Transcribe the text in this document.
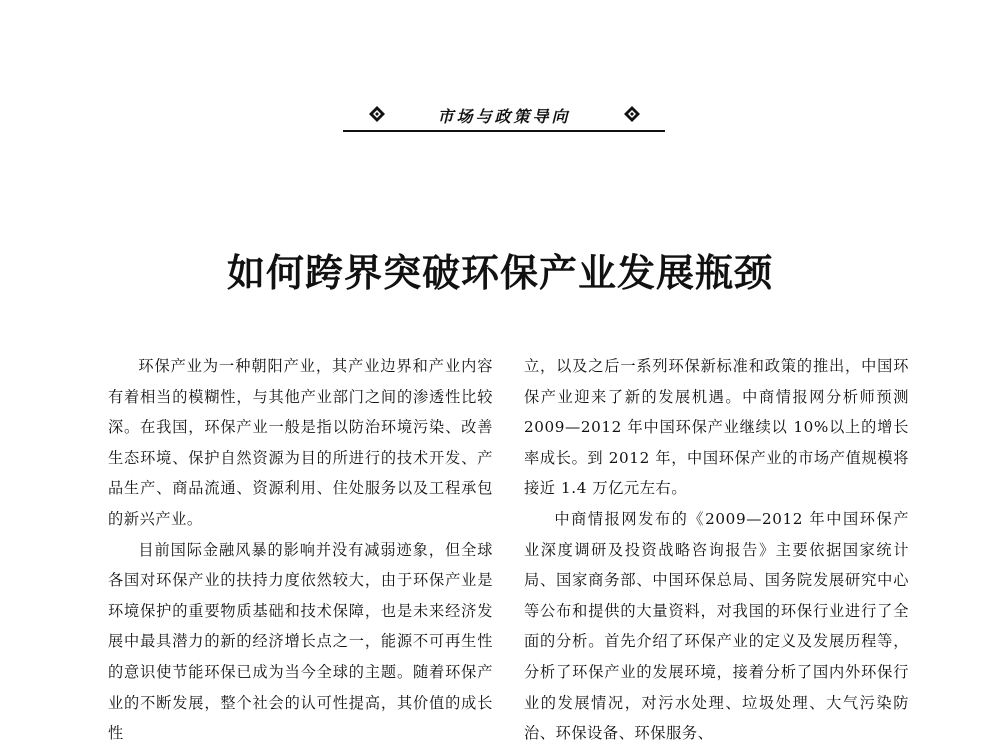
市场与政策导向
如何跨界突破环保产业发展瓶颈

环保产业为一种朝阳产业，其产业边界和产业内容有着相当的模糊性，与其他产业部门之间的渗透性比较深。在我国，环保产业一般是指以防治环境污染、改善生态环境、保护自然资源为目的所进行的技术开发、产品生产、商品流通、资源利用、住处服务以及工程承包的新兴产业。

目前国际金融风暴的影响并没有减弱迹象，但全球各国对环保产业的扶持力度依然较大，由于环保产业是环境保护的重要物质基础和技术保障，也是未来经济发展中最具潜力的新的经济增长点之一，能源不可再生性的意识使节能环保已成为当今全球的主题。随着环保产业的不断发展，整个社会的认可性提高，其价值的成长性

立，以及之后一系列环保新标准和政策的推出，中国环保产业迎来了新的发展机遇。中商情报网分析师预测 2009—2012 年中国环保产业继续以 10%以上的增长率成长。到 2012 年，中国环保产业的市场产值规模将接近 1.4 万亿元左右。

中商情报网发布的《2009—2012 年中国环保产业深度调研及投资战略咨询报告》主要依据国家统计局、国家商务部、中国环保总局、国务院发展研究中心等公布和提供的大量资料，对我国的环保行业进行了全面的分析。首先介绍了环保产业的定义及发展历程等，分析了环保产业的发展环境，接着分析了国内外环保行业的发展情况，对污水处理、垃圾处理、大气污染防治、环保设备、环保服务、
